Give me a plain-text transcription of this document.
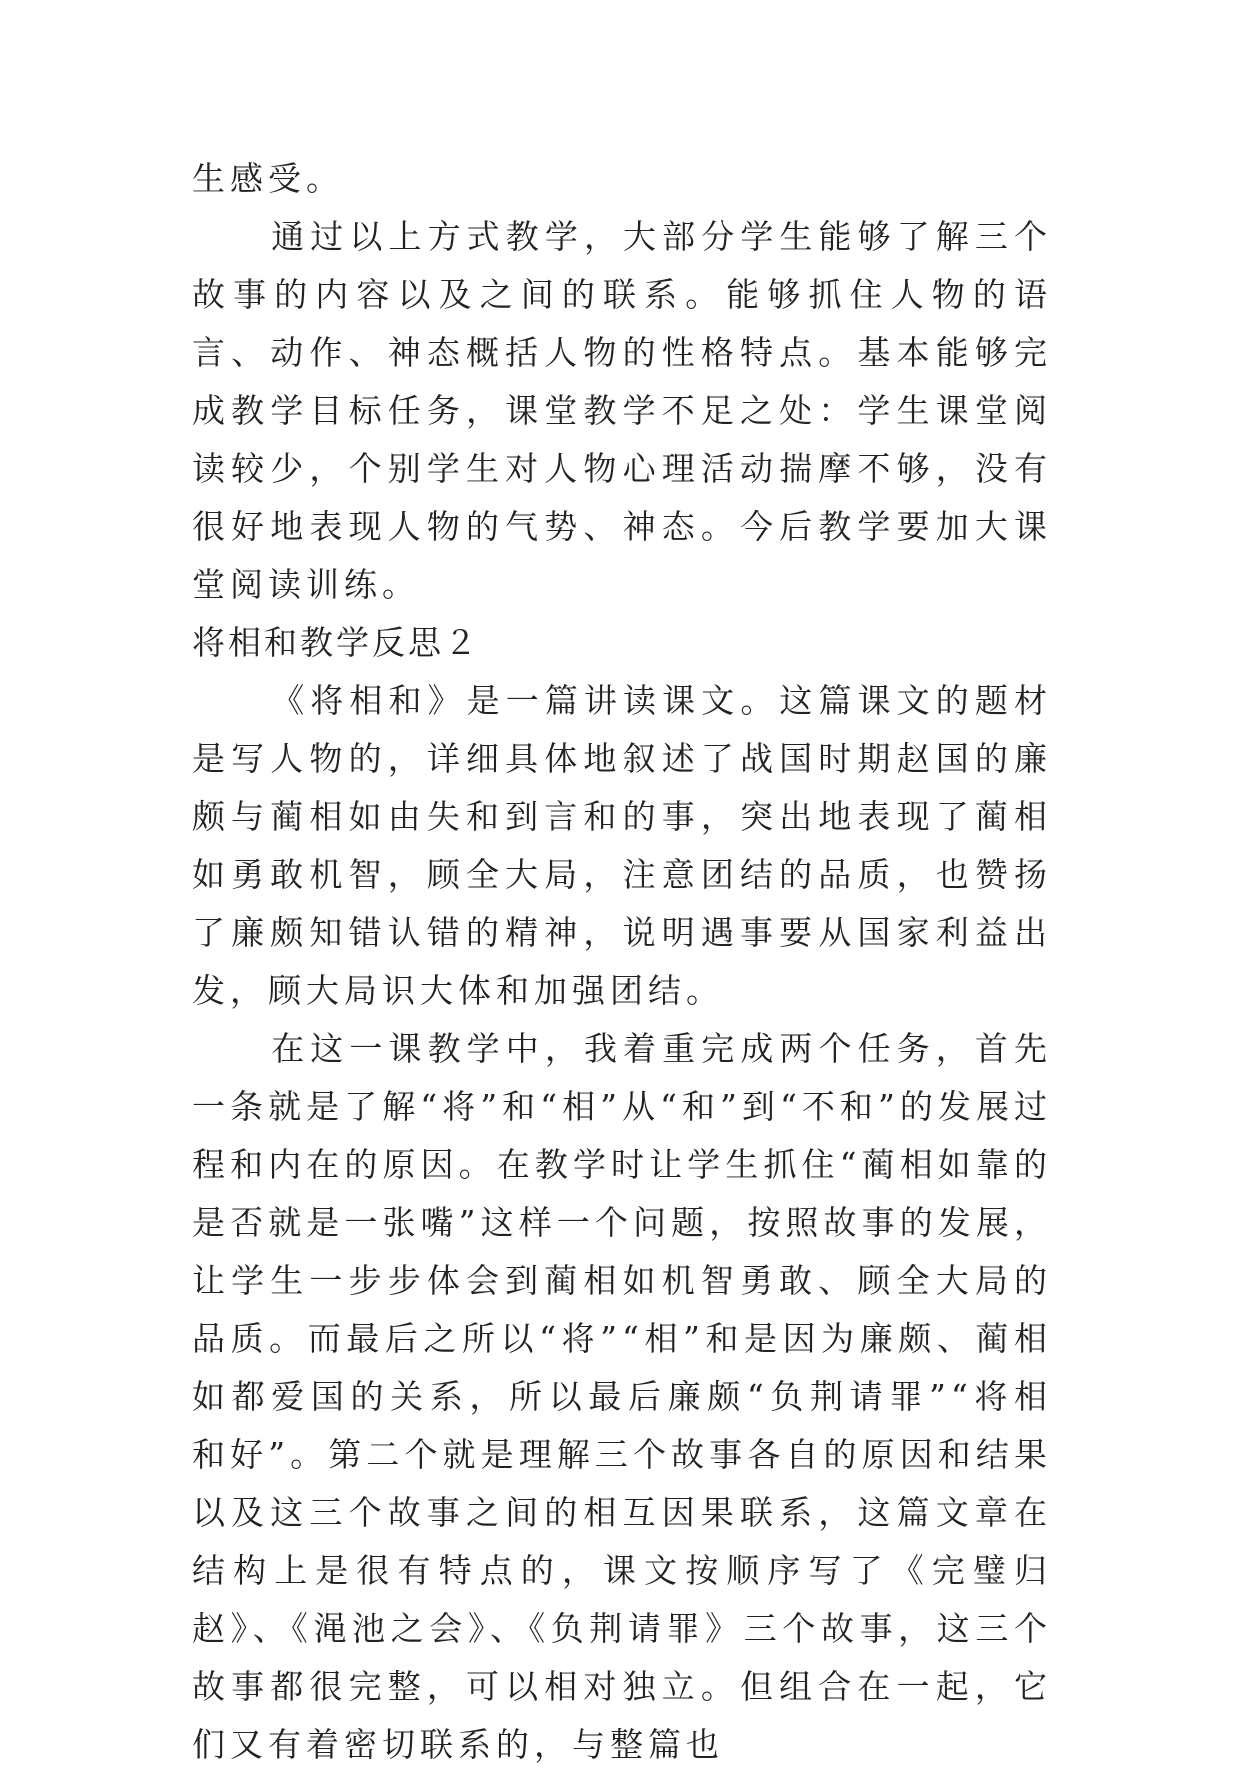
生感受。

通过以上方式教学，大部分学生能够了解三个故事的内容以及之间的联系。能够抓住人物的语言、动作、神态概括人物的性格特点。基本能够完成教学目标任务，课堂教学不足之处：学生课堂阅读较少，个别学生对人物心理活动揣摩不够，没有很好地表现人物的气势、神态。今后教学要加大课堂阅读训练。

将相和教学反思２

《将相和》是一篇讲读课文。这篇课文的题材是写人物的，详细具体地叙述了战国时期赵国的廉颇与蔺相如由失和到言和的事，突出地表现了蔺相如勇敢机智，顾全大局，注意团结的品质，也赞扬了廉颇知错认错的精神，说明遇事要从国家利益出发，顾大局识大体和加强团结。

在这一课教学中，我着重完成两个任务，首先一条就是了解“将”和“相”从“和”到“不和”的发展过程和内在的原因。在教学时让学生抓住“蔺相如靠的是否就是一张嘴”这样一个问题，按照故事的发展，让学生一步步体会到蔺相如机智勇敢、顾全大局的品质。而最后之所以“将”“相”和是因为廉颇、蔺相如都爱国的关系，所以最后廉颇“负荆请罪”“将相和好”。第二个就是理解三个故事各自的原因和结果以及这三个故事之间的相互因果联系，这篇文章在结构上是很有特点的，课文按顺序写了《完璧归赵》、《渑池之会》、《负荆请罪》三个故事，这三个故事都很完整，可以相对独立。但组合在一起，它们又有着密切联系的，与整篇也
